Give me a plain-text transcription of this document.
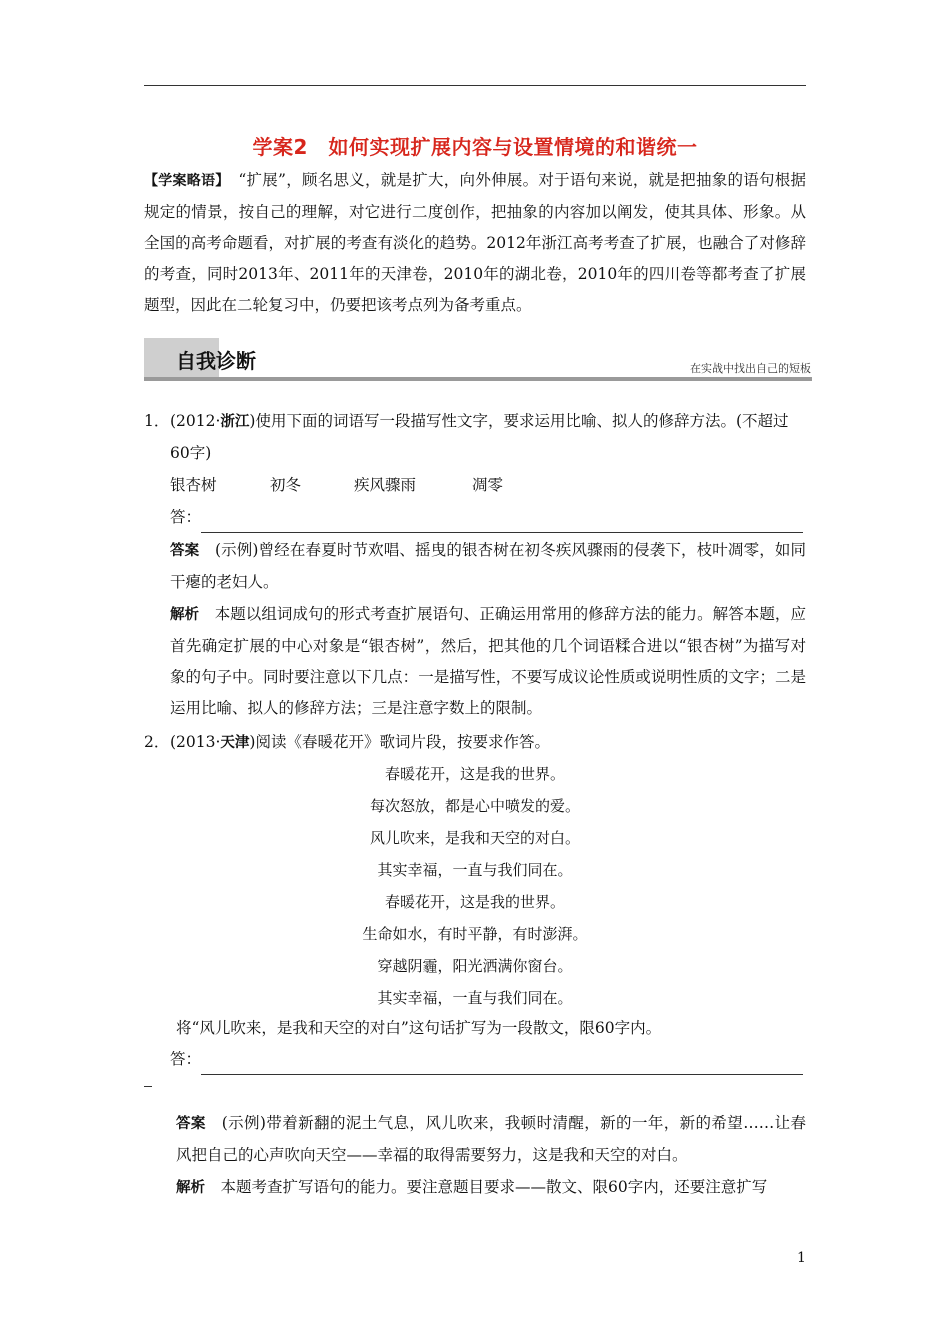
学案2　如何实现扩展内容与设置情境的和谐统一
【学案略语】　 “扩展”，顾名思义，就是扩大，向外伸展。对于语句来说，就是把抽象的语句根据规定的情景，按自己的理解，对它进行二度创作，把抽象的内容加以阐发，使其具体、形象。从全国的高考命题看，对扩展的考查有淡化的趋势。2012年浙江高考考查了扩展，也融合了对修辞的考查，同时2013年、2011年的天津卷，2010年的湖北卷，2010年的四川卷等都考查了扩展题型，因此在二轮复习中，仍要把该考点列为备考重点。
自我诊断	在实战中找出自己的短板
1．(2012·浙江)使用下面的词语写一段描写性文字，要求运用比喻、拟人的修辞方法。(不超过
60字)
银杏树	初冬	疾风骤雨	凋零
答：
答案　 (示例)曾经在春夏时节欢唱、摇曳的银杏树在初冬疾风骤雨的侵袭下，枝叶凋零，如同干瘪的老妇人。
解析　 本题以组词成句的形式考查扩展语句、正确运用常用的修辞方法的能力。解答本题，应首先确定扩展的中心对象是“银杏树”，然后，把其他的几个词语糅合进以“银杏树”为描写对象的句子中。同时要注意以下几点：一是描写性，不要写成议论性质或说明性质的文字；二是运用比喻、拟人的修辞方法；三是注意字数上的限制。
2．(2013·天津)阅读《春暖花开》歌词片段，按要求作答。
春暖花开，这是我的世界。
每次怒放，都是心中喷发的爱。
风儿吹来，是我和天空的对白。
其实幸福，一直与我们同在。
春暖花开，这是我的世界。
生命如水，有时平静，有时澎湃。
穿越阴霾，阳光洒满你窗台。
其实幸福，一直与我们同在。
将“风儿吹来，是我和天空的对白”这句话扩写为一段散文，限60字内。
答：
答案　 (示例)带着新翻的泥土气息，风儿吹来，我顿时清醒，新的一年，新的希望……让春风把自己的心声吹向天空——幸福的取得需要努力，这是我和天空的对白。
解析　 本题考查扩写语句的能力。要注意题目要求——散文、限60字内，还要注意扩写
1
